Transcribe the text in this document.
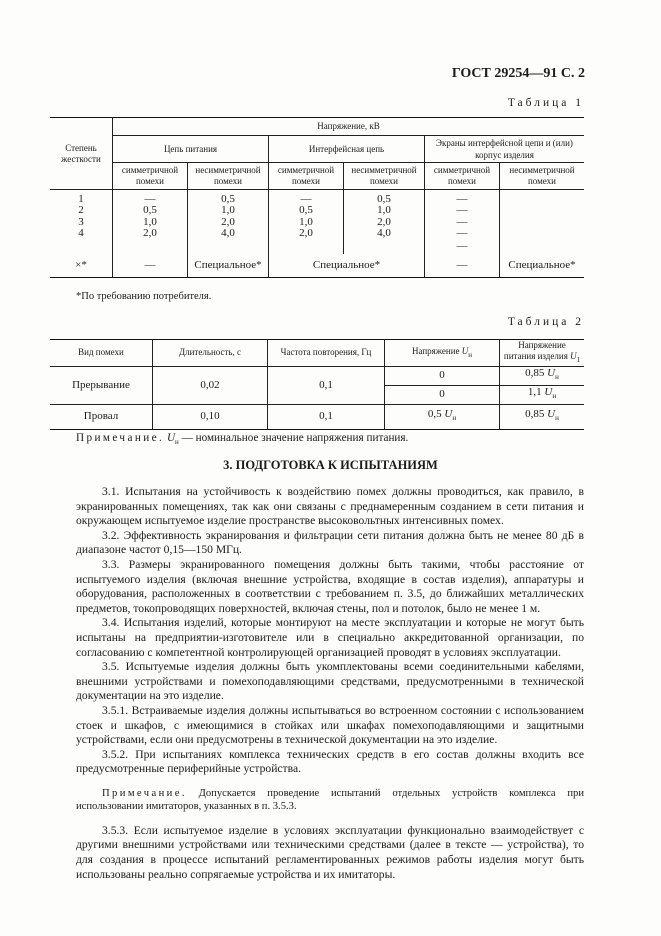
ГОСТ 29254—91 С. 2
Таблица 1
Степень жесткости	Напряжение, кВ					
	Цепь питания		Интерфейсная цепь		Экраны интерфейсной цепи и (или) корпус изделия	
	симметричной помехи	несимметричной помехи	симметричной помехи	несимметричной помехи	симметричной помехи	несимметричной помехи

1	—	0,5	—	0,5	—	
2	0,5	1,0	0,5	1,0	—	
3	1,0	2,0	1,0	2,0	—	
4	2,0	4,0	2,0	4,0	—	
					—	
×*	—	Специальное*	Специальное*		—	Специальное*
*По требованию потребителя.
Таблица 2
Вид помехи	Длительность, с	Частота повторения, Гц	Напряжение $U_н$	Напряжение питания изделия $U_1$
Прерывание	0,02	0,1	0	0,85 $U_н$
			0	1,1 $U_н$
Провал	0,10	0,1	0,5 $U_н$	0,85 $U_н$
Примечание. $U_н$ — номинальное значение напряжения питания.
3. ПОДГОТОВКА К ИСПЫТАНИЯМ

3.1. Испытания на устойчивость к воздействию помех должны проводиться, как правило, в экранированных помещениях, так как они связаны с преднамеренным созданием в сети питания и окружающем испытуемое изделие пространстве высоковольтных интенсивных помех.

3.2. Эффективность экранирования и фильтрации сети питания должна быть не менее 80 дБ в диапазоне частот 0,15—150 МГц.

3.3. Размеры экранированного помещения должны быть такими, чтобы расстояние от испытуемого изделия (включая внешние устройства, входящие в состав изделия), аппаратуры и оборудования, расположенных в соответствии с требованием п. 3.5, до ближайших металлических предметов, токопроводящих поверхностей, включая стены, пол и потолок, было не менее 1 м.

3.4. Испытания изделий, которые монтируют на месте эксплуатации и которые не могут быть испытаны на предприятии-изготовителе или в специально аккредитованной организации, по согласованию с компетентной контролирующей организацией проводят в условиях эксплуатации.

3.5. Испытуемые изделия должны быть укомплектованы всеми соединительными кабелями, внешними устройствами и помехоподавляющими средствами, предусмотренными в технической документации на это изделие.

3.5.1. Встраиваемые изделия должны испытываться во встроенном состоянии с использованием стоек и шкафов, с имеющимися в стойках или шкафах помехоподавляющими и защитными устройствами, если они предусмотрены в технической документации на это изделие.

3.5.2. При испытаниях комплекса технических средств в его состав должны входить все предусмотренные периферийные устройства.

Примечание. Допускается проведение испытаний отдельных устройств комплекса при использовании имитаторов, указанных в п. 3.5.3.

3.5.3. Если испытуемое изделие в условиях эксплуатации функционально взаимодействует с другими внешними устройствами или техническими средствами (далее в тексте — устройства), то для создания в процессе испытаний регламентированных режимов работы изделия могут быть использованы реально сопрягаемые устройства и их имитаторы.
